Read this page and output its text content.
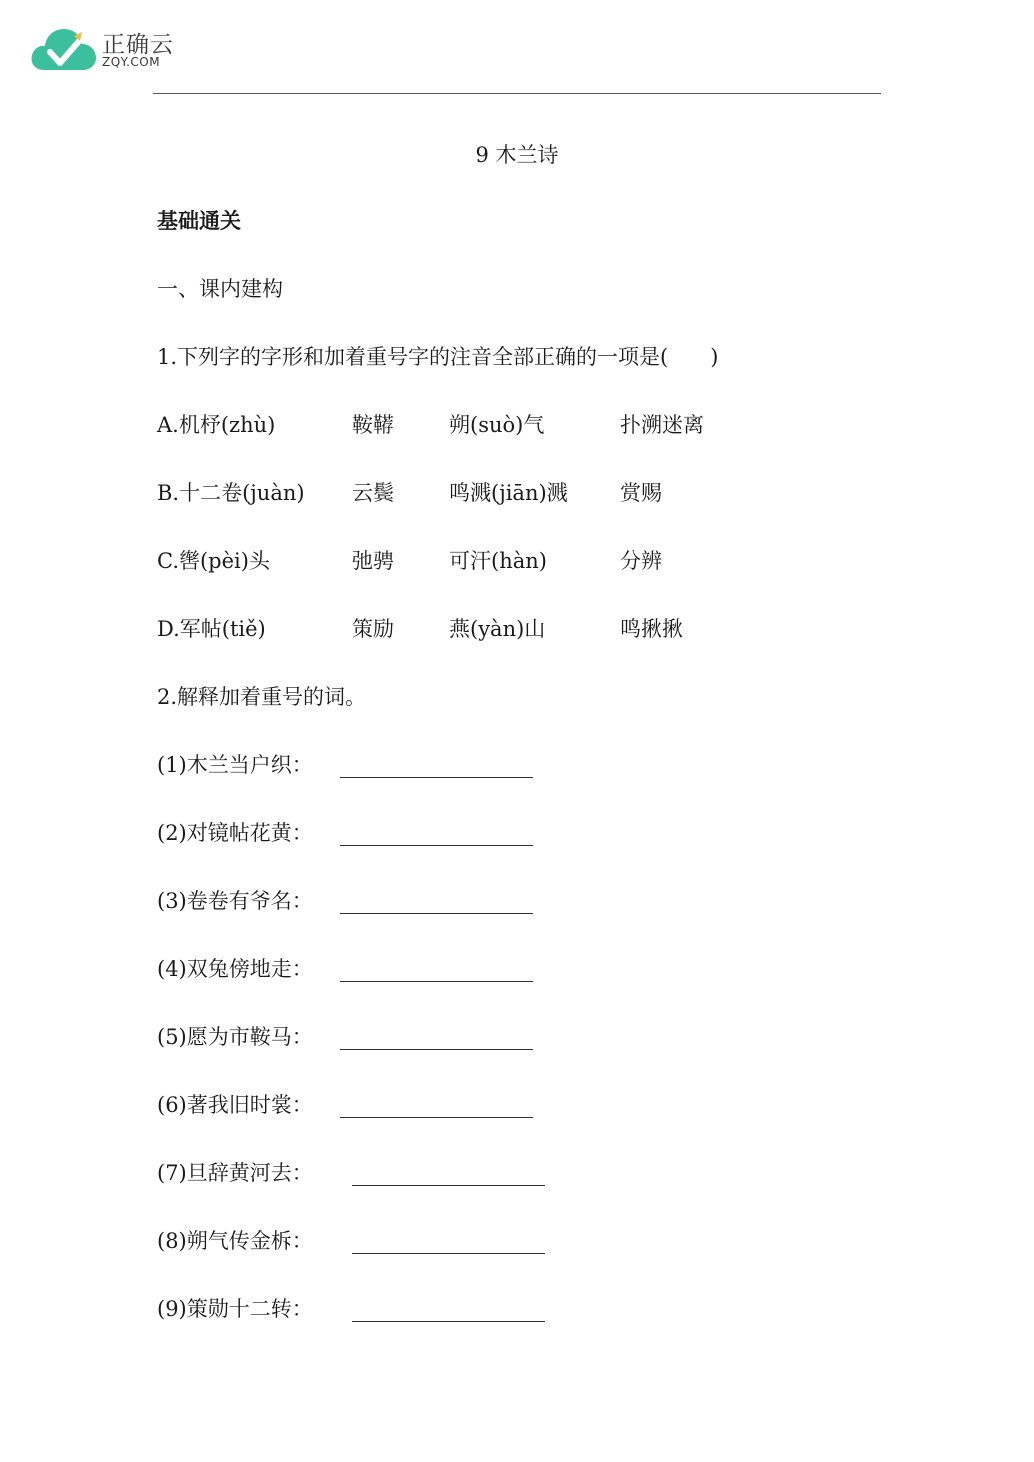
正确云
ZQY.COM
9 木兰诗
基础通关
一、课内建构
1.下列字的字形和加着重号字的注音全部正确的一项是(　　)
A.机杼(zhù)	鞍鞯	朔(suò)气	扑溯迷离
B.十二卷(juàn) 云鬓	鸣溅(jiān)溅 赏赐
C.辔(pèi)头	弛骋	可汗(hàn)	分辨
D.军帖(tiě)	策励	燕(yàn)山	鸣揪揪
2.解释加着重号的词。
(1)木兰当户织：
(2)对镜帖花黄：
(3)卷卷有爷名：
(4)双兔傍地走：
(5)愿为市鞍马：
(6)著我旧时裳：
(7)旦辞黄河去：
(8)朔气传金柝：
(9)策勋十二转：
